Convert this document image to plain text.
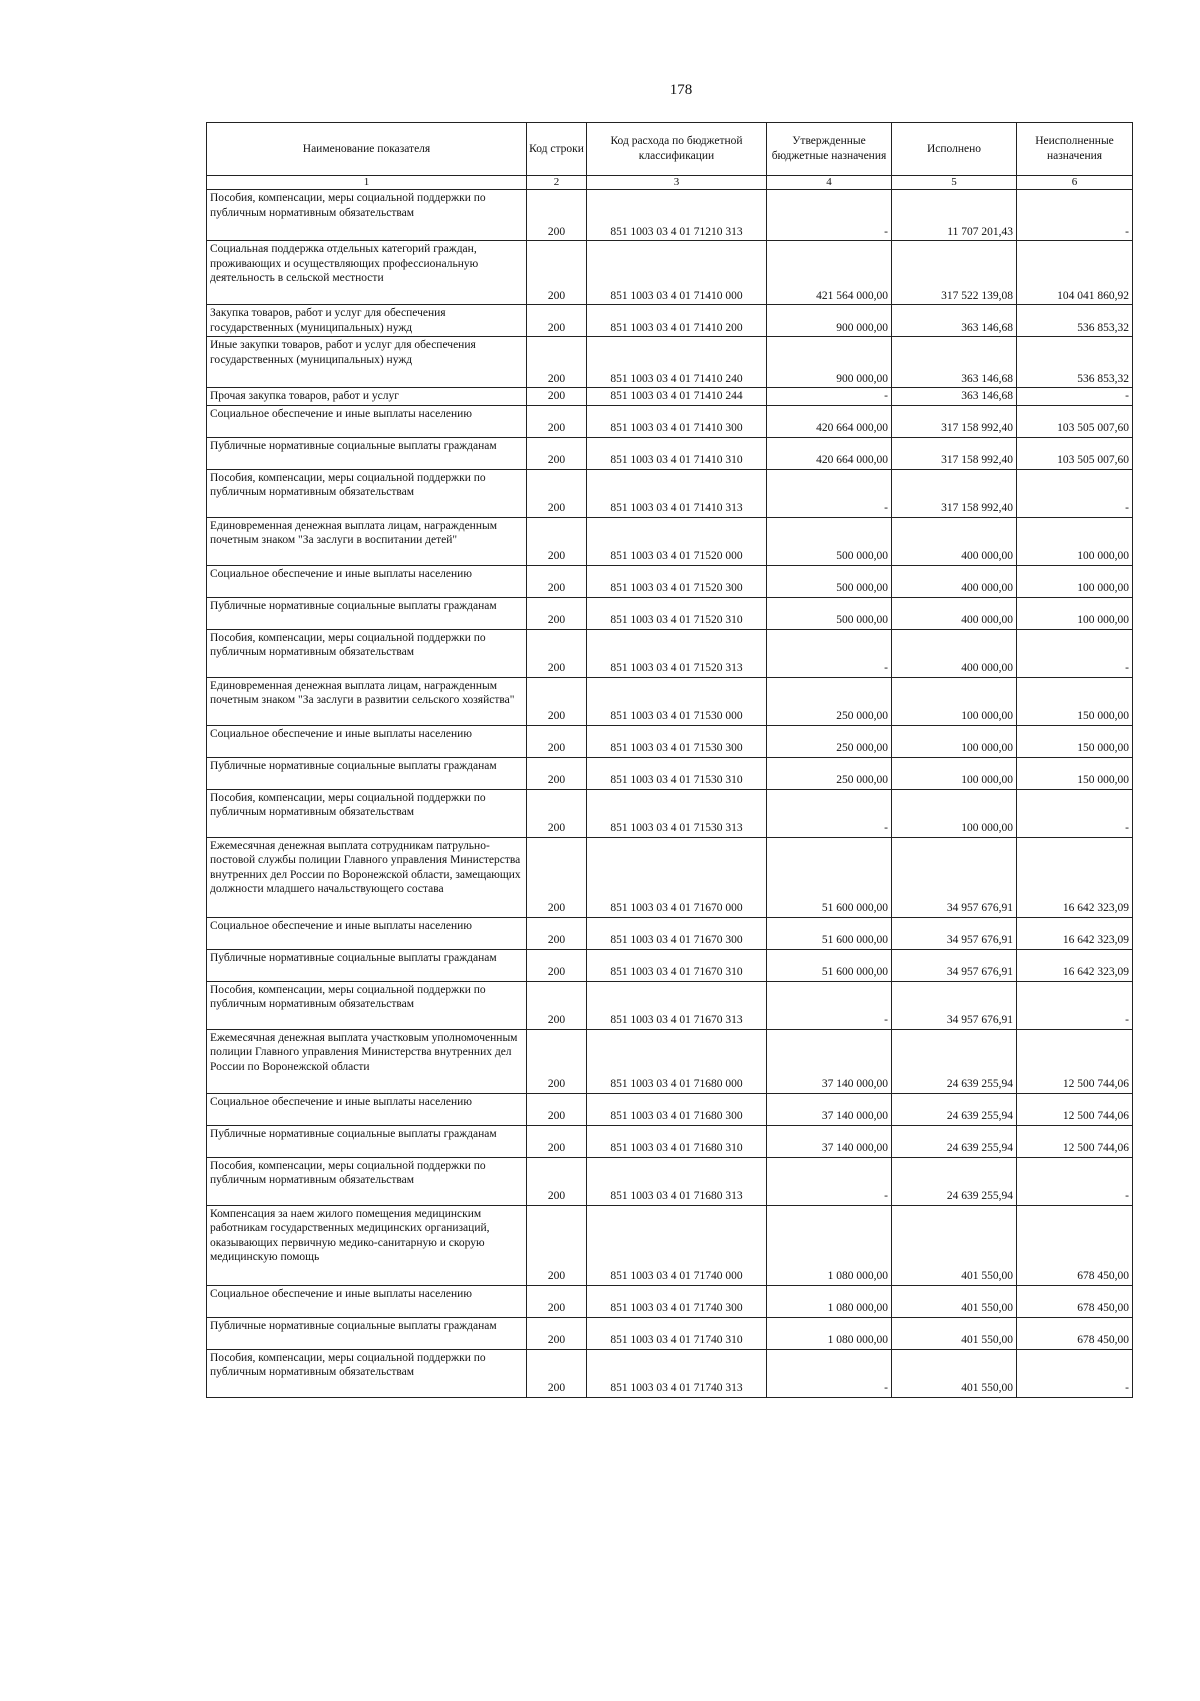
178
Наименование показателя	Код строки	Код расхода по бюджетной классификации	Утвержденные бюджетные назначения	Исполнено	Неисполненные назначения
1	2	3	4	5	6
Пособия, компенсации, меры социальной поддержки по публичным нормативным обязательствам	200	851 1003 03 4 01 71210 313	-	11 707 201,43	-
Социальная поддержка отдельных категорий граждан, проживающих и осуществляющих профессиональную деятельность в сельской местности	200	851 1003 03 4 01 71410 000	421 564 000,00	317 522 139,08	104 041 860,92
Закупка товаров, работ и услуг для обеспечения государственных (муниципальных) нужд	200	851 1003 03 4 01 71410 200	900 000,00	363 146,68	536 853,32
Иные закупки товаров, работ и услуг для обеспечения государственных (муниципальных) нужд	200	851 1003 03 4 01 71410 240	900 000,00	363 146,68	536 853,32
Прочая закупка товаров, работ и услуг	200	851 1003 03 4 01 71410 244	-	363 146,68	-
Социальное обеспечение и иные выплаты населению	200	851 1003 03 4 01 71410 300	420 664 000,00	317 158 992,40	103 505 007,60
Публичные нормативные социальные выплаты гражданам	200	851 1003 03 4 01 71410 310	420 664 000,00	317 158 992,40	103 505 007,60
Пособия, компенсации, меры социальной поддержки по публичным нормативным обязательствам	200	851 1003 03 4 01 71410 313	-	317 158 992,40	-
Единовременная денежная выплата лицам, награжденным почетным знаком "За заслуги в воспитании детей"	200	851 1003 03 4 01 71520 000	500 000,00	400 000,00	100 000,00
Социальное обеспечение и иные выплаты населению	200	851 1003 03 4 01 71520 300	500 000,00	400 000,00	100 000,00
Публичные нормативные социальные выплаты гражданам	200	851 1003 03 4 01 71520 310	500 000,00	400 000,00	100 000,00
Пособия, компенсации, меры социальной поддержки по публичным нормативным обязательствам	200	851 1003 03 4 01 71520 313	-	400 000,00	-
Единовременная денежная выплата лицам, награжденным почетным знаком "За заслуги в развитии сельского хозяйства"	200	851 1003 03 4 01 71530 000	250 000,00	100 000,00	150 000,00
Социальное обеспечение и иные выплаты населению	200	851 1003 03 4 01 71530 300	250 000,00	100 000,00	150 000,00
Публичные нормативные социальные выплаты гражданам	200	851 1003 03 4 01 71530 310	250 000,00	100 000,00	150 000,00
Пособия, компенсации, меры социальной поддержки по публичным нормативным обязательствам	200	851 1003 03 4 01 71530 313	-	100 000,00	-
Ежемесячная денежная выплата сотрудникам патрульно-постовой службы полиции Главного управления Министерства внутренних дел России по Воронежской области, замещающих должности младшего начальствующего состава	200	851 1003 03 4 01 71670 000	51 600 000,00	34 957 676,91	16 642 323,09
Социальное обеспечение и иные выплаты населению	200	851 1003 03 4 01 71670 300	51 600 000,00	34 957 676,91	16 642 323,09
Публичные нормативные социальные выплаты гражданам	200	851 1003 03 4 01 71670 310	51 600 000,00	34 957 676,91	16 642 323,09
Пособия, компенсации, меры социальной поддержки по публичным нормативным обязательствам	200	851 1003 03 4 01 71670 313	-	34 957 676,91	-
Ежемесячная денежная выплата участковым уполномоченным полиции Главного управления Министерства внутренних дел России по Воронежской области	200	851 1003 03 4 01 71680 000	37 140 000,00	24 639 255,94	12 500 744,06
Социальное обеспечение и иные выплаты населению	200	851 1003 03 4 01 71680 300	37 140 000,00	24 639 255,94	12 500 744,06
Публичные нормативные социальные выплаты гражданам	200	851 1003 03 4 01 71680 310	37 140 000,00	24 639 255,94	12 500 744,06
Пособия, компенсации, меры социальной поддержки по публичным нормативным обязательствам	200	851 1003 03 4 01 71680 313	-	24 639 255,94	-
Компенсация за наем жилого помещения медицинским работникам государственных медицинских организаций, оказывающих первичную медико-санитарную и скорую медицинскую помощь	200	851 1003 03 4 01 71740 000	1 080 000,00	401 550,00	678 450,00
Социальное обеспечение и иные выплаты населению	200	851 1003 03 4 01 71740 300	1 080 000,00	401 550,00	678 450,00
Публичные нормативные социальные выплаты гражданам	200	851 1003 03 4 01 71740 310	1 080 000,00	401 550,00	678 450,00
Пособия, компенсации, меры социальной поддержки по публичным нормативным обязательствам	200	851 1003 03 4 01 71740 313	-	401 550,00	-
